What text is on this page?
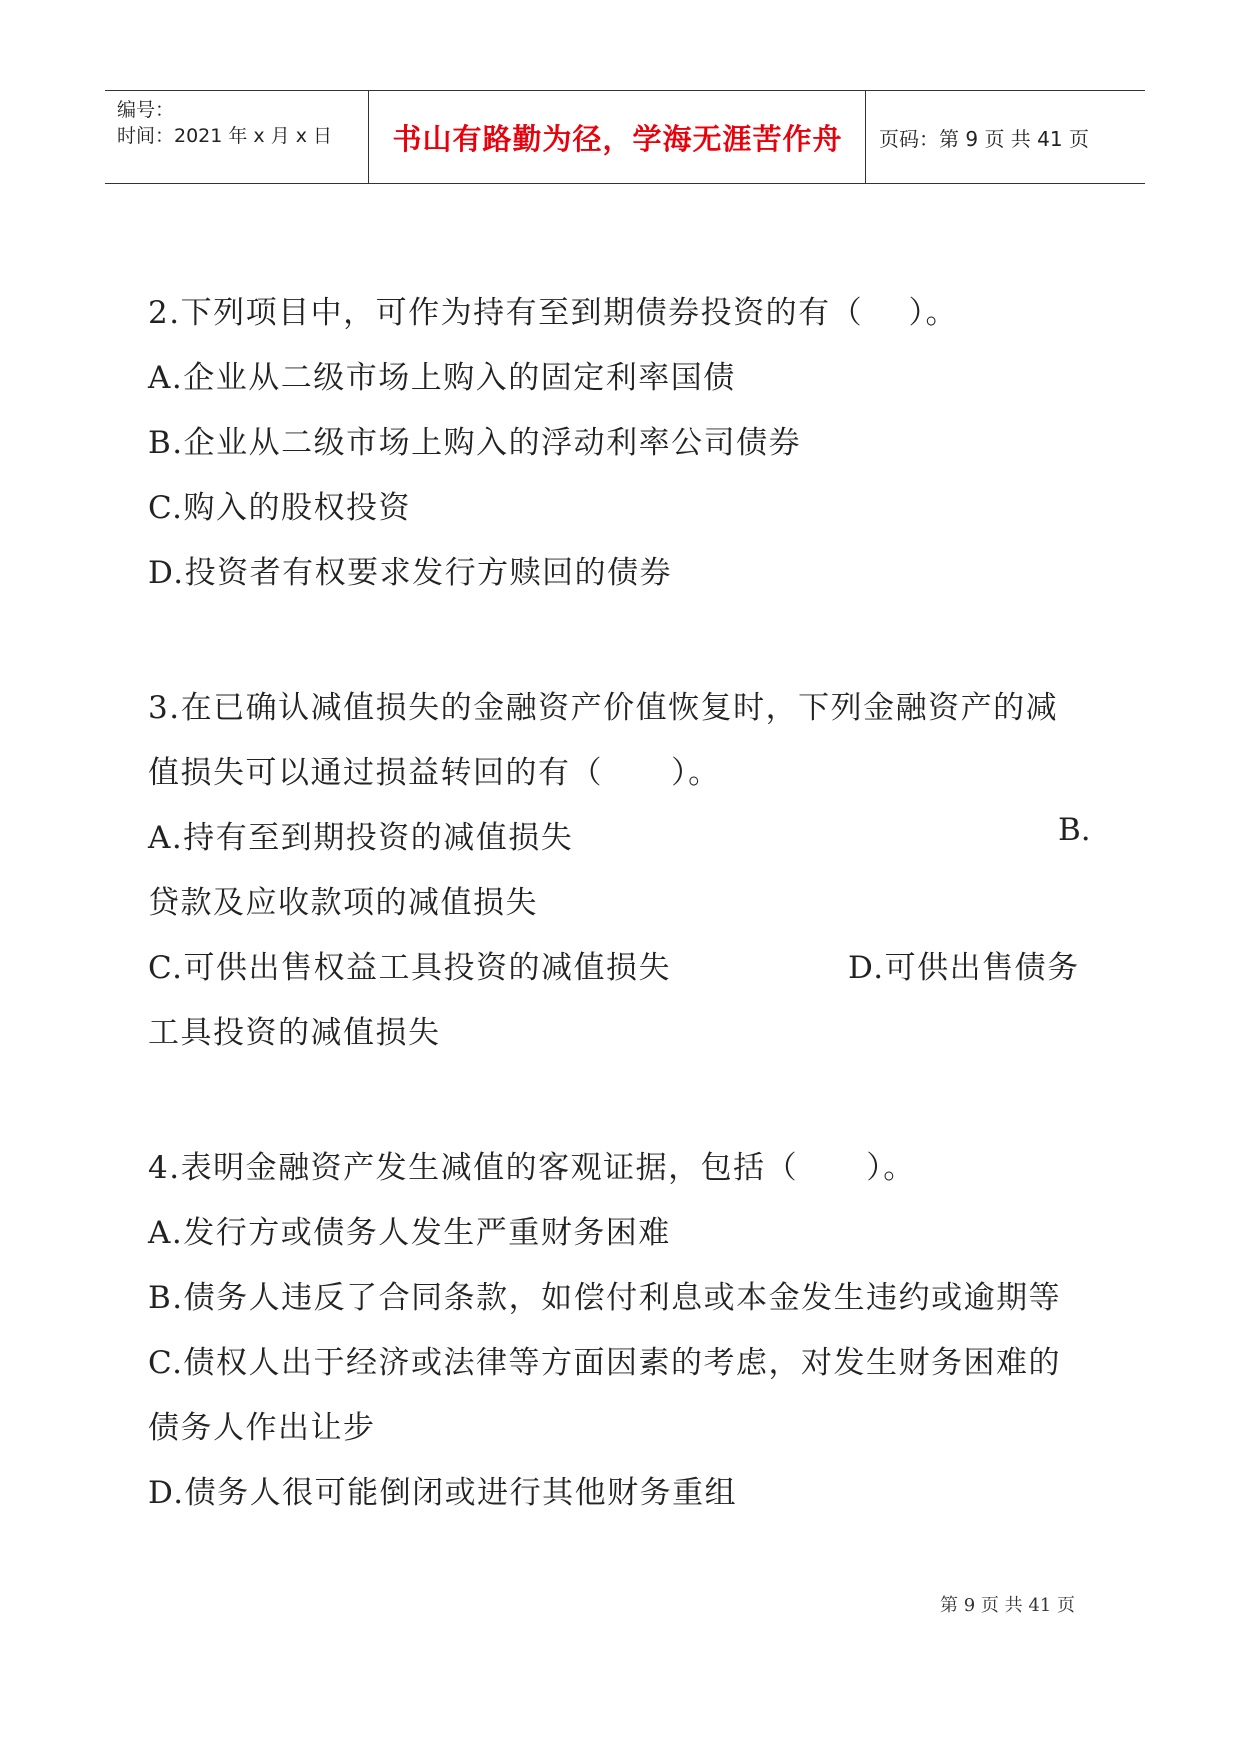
编号：
时间：2021 年 x 月 x 日 书山有路勤为径，学海无涯苦作舟 页码：第 9 页 共 41 页
2.下列项目中，可作为持有至到期债券投资的有（    ）。
A.企业从二级市场上购入的固定利率国债
B.企业从二级市场上购入的浮动利率公司债券
C.购入的股权投资
D.投资者有权要求发行方赎回的债券
3.在已确认减值损失的金融资产价值恢复时，下列金融资产的减
值损失可以通过损益转回的有（      ）。
A.持有至到期投资的减值损失	B.
贷款及应收款项的减值损失
C.可供出售权益工具投资的减值损失	D.可供出售债务
工具投资的减值损失
4.表明金融资产发生减值的客观证据，包括（      ）。
A.发行方或债务人发生严重财务困难
B.债务人违反了合同条款，如偿付利息或本金发生违约或逾期等
C.债权人出于经济或法律等方面因素的考虑，对发生财务困难的
债务人作出让步
D.债务人很可能倒闭或进行其他财务重组
第 9 页 共 41 页
